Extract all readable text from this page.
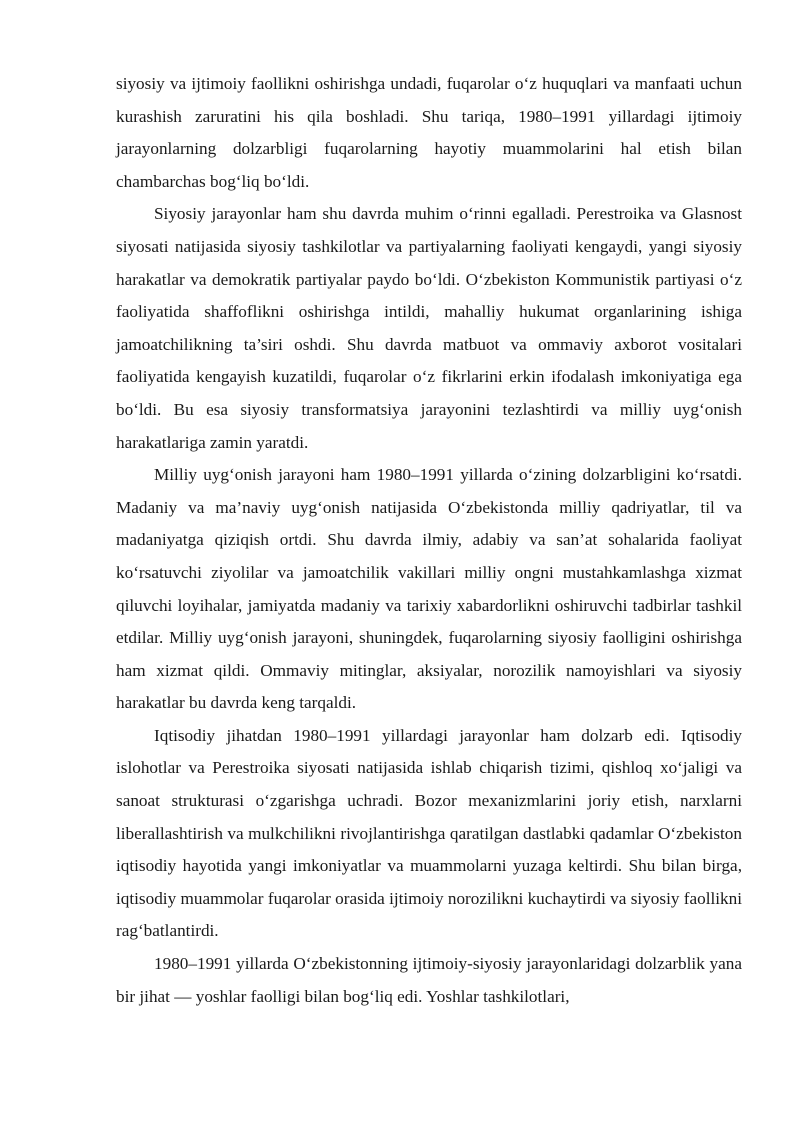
siyosiy va ijtimoiy faollikni oshirishga undadi, fuqarolar o‘z huquqlari va manfaati uchun kurashish zaruratini his qila boshladi. Shu tariqa, 1980–1991 yillardagi ijtimoiy jarayonlarning dolzarbligi fuqarolarning hayotiy muammolarini hal etish bilan chambarchas bog‘liq bo‘ldi.

Siyosiy jarayonlar ham shu davrda muhim o‘rinni egalladi. Perestroika va Glasnost siyosati natijasida siyosiy tashkilotlar va partiyalarning faoliyati kengaydi, yangi siyosiy harakatlar va demokratik partiyalar paydo bo‘ldi. O‘zbekiston Kommunistik partiyasi o‘z faoliyatida shaffoflikni oshirishga intildi, mahalliy hukumat organlarining ishiga jamoatchilikning ta’siri oshdi. Shu davrda matbuot va ommaviy axborot vositalari faoliyatida kengayish kuzatildi, fuqarolar o‘z fikrlarini erkin ifodalash imkoniyatiga ega bo‘ldi. Bu esa siyosiy transformatsiya jarayonini tezlashtirdi va milliy uyg‘onish harakatlariga zamin yaratdi.

Milliy uyg‘onish jarayoni ham 1980–1991 yillarda o‘zining dolzarbligini ko‘rsatdi. Madaniy va ma’naviy uyg‘onish natijasida O‘zbekistonda milliy qadriyatlar, til va madaniyatga qiziqish ortdi. Shu davrda ilmiy, adabiy va san’at sohalarida faoliyat ko‘rsatuvchi ziyolilar va jamoatchilik vakillari milliy ongni mustahkamlashga xizmat qiluvchi loyihalar, jamiyatda madaniy va tarixiy xabardorlikni oshiruvchi tadbirlar tashkil etdilar. Milliy uyg‘onish jarayoni, shuningdek, fuqarolarning siyosiy faolligini oshirishga ham xizmat qildi. Ommaviy mitinglar, aksiyalar, norozilik namoyishlari va siyosiy harakatlar bu davrda keng tarqaldi.

Iqtisodiy jihatdan 1980–1991 yillardagi jarayonlar ham dolzarb edi. Iqtisodiy islohotlar va Perestroika siyosati natijasida ishlab chiqarish tizimi, qishloq xo‘jaligi va sanoat strukturasi o‘zgarishga uchradi. Bozor mexanizmlarini joriy etish, narxlarni liberallashtirish va mulkchilikni rivojlantirishga qaratilgan dastlabki qadamlar O‘zbekiston iqtisodiy hayotida yangi imkoniyatlar va muammolarni yuzaga keltirdi. Shu bilan birga, iqtisodiy muammolar fuqarolar orasida ijtimoiy norozilikni kuchaytirdi va siyosiy faollikni rag‘batlantirdi.

1980–1991 yillarda O‘zbekistonning ijtimoiy-siyosiy jarayonlaridagi dolzarblik yana bir jihat — yoshlar faolligi bilan bog‘liq edi. Yoshlar tashkilotlari,
